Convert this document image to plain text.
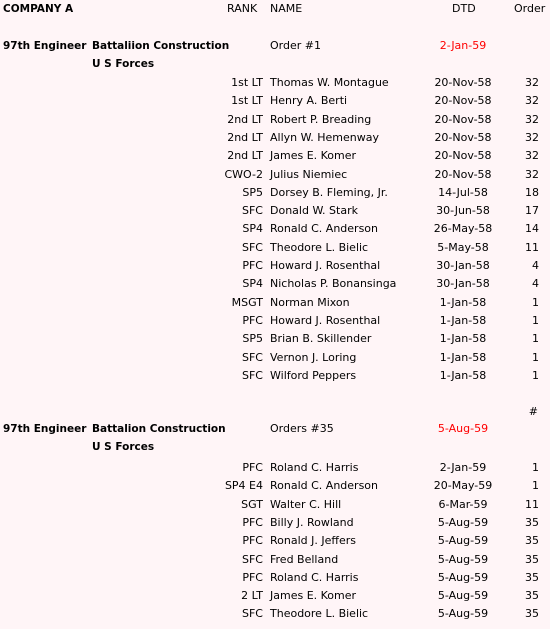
COMPANY A	RANK NAME	DTD	Order
97th Engineer Battaliion Construction
U S Forces
Order #1	2-Jan-59
1st LT Thomas W. Montague	20-Nov-58	32
1st LT Henry A. Berti	20-Nov-58	32
2nd LT Robert P. Breading	20-Nov-58	32
2nd LT Allyn W. Hemenway	20-Nov-58	32
2nd LT James E. Komer	20-Nov-58	32
CWO-2 Julius Niemiec	20-Nov-58	32
SP5 Dorsey B. Fleming, Jr.	14-Jul-58	18
SFC Donald W. Stark	30-Jun-58	17
SP4 Ronald C. Anderson	26-May-58	14
SFC Theodore L. Bielic	5-May-58	11
PFC Howard J. Rosenthal	30-Jan-58	4
SP4 Nicholas P. Bonansinga	30-Jan-58	4
MSGT Norman Mixon	1-Jan-58	1
PFC Howard J. Rosenthal	1-Jan-58	1
SP5 Brian B. Skillender	1-Jan-58	1
SFC Vernon J. Loring	1-Jan-58	1
SFC Wilford Peppers	1-Jan-58	1
97th Engineer Battalion Construction
U S Forces
Orders #35	5-Aug-59
#
PFC Roland C. Harris	2-Jan-59	1
SP4 E4 Ronald C. Anderson	20-May-59	1
SGT Walter C. Hill	6-Mar-59	11
PFC Billy J. Rowland	5-Aug-59	35
PFC Ronald J. Jeffers	5-Aug-59	35
SFC Fred Belland	5-Aug-59	35
PFC Roland C. Harris	5-Aug-59	35
2 LT James E. Komer	5-Aug-59	35
SFC Theodore L. Bielic	5-Aug-59	35
